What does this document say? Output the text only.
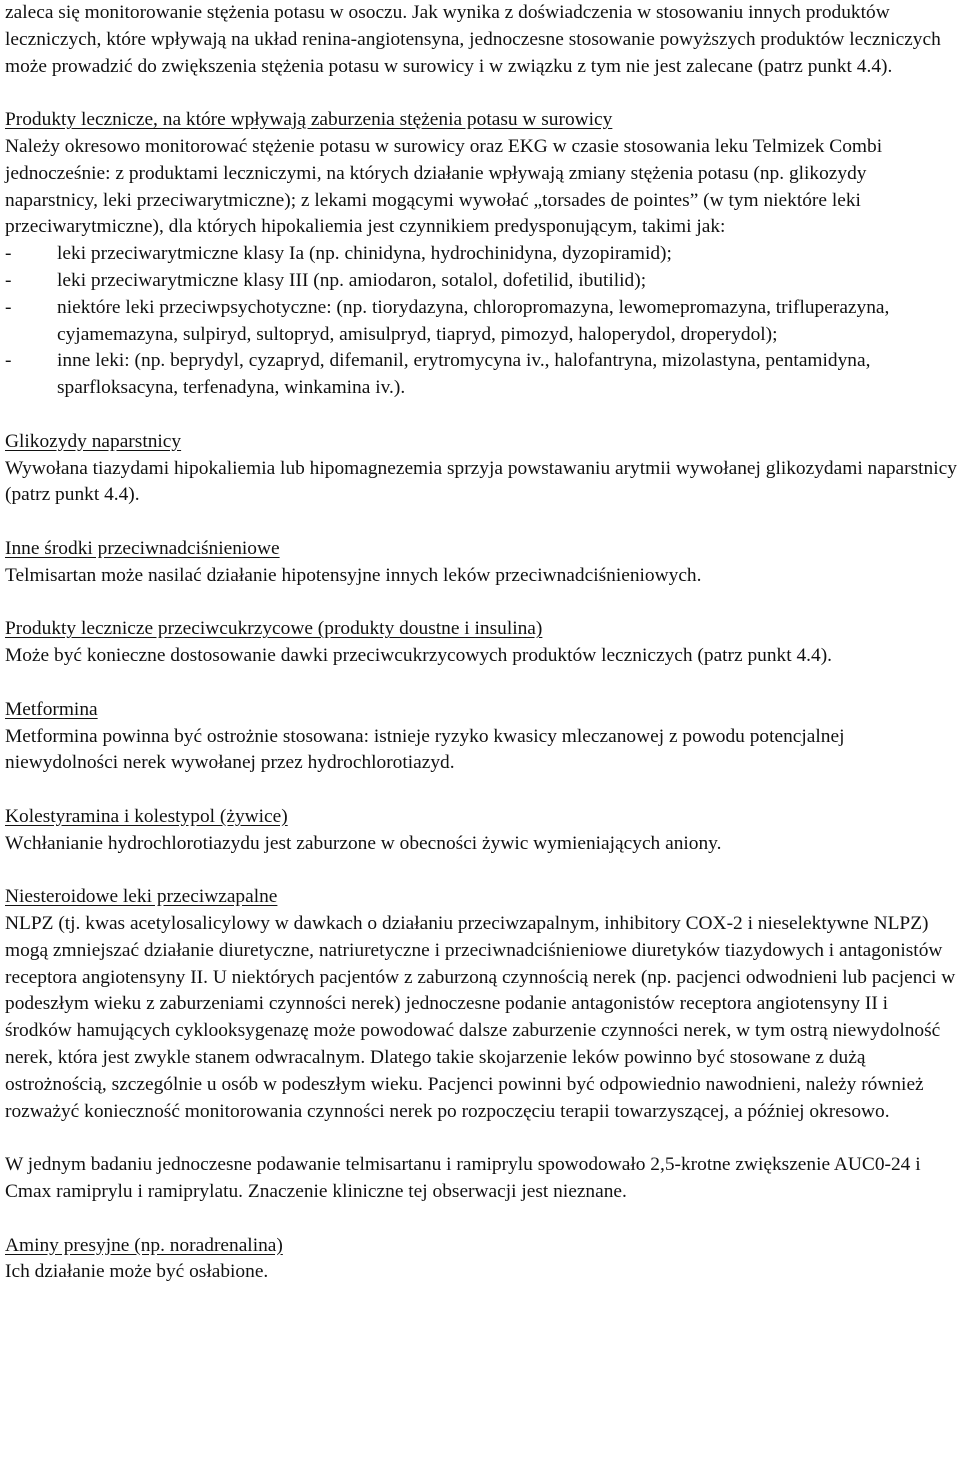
zaleca się monitorowanie stężenia potasu w osoczu. Jak wynika z doświadczenia w stosowaniu innych produktów leczniczych, które wpływają na układ renina-angiotensyna, jednoczesne stosowanie powyższych produktów leczniczych może prowadzić do zwiększenia stężenia potasu w surowicy i w związku z tym nie jest zalecane (patrz punkt 4.4).

Produkty lecznicze, na które wpływają zaburzenia stężenia potasu w surowicy

Należy okresowo monitorować stężenie potasu w surowicy oraz EKG w czasie stosowania leku Telmizek Combi jednocześnie: z produktami leczniczymi, na których działanie wpływają zmiany stężenia potasu (np. glikozydy naparstnicy, leki przeciwarytmiczne); z lekami mogącymi wywołać „torsades de pointes” (w tym niektóre leki przeciwarytmiczne), dla których hipokaliemia jest czynnikiem predysponującym, takimi jak:

-	leki przeciwarytmiczne klasy Ia (np. chinidyna, hydrochinidyna, dyzopiramid);
-	leki przeciwarytmiczne klasy III (np. amiodaron, sotalol, dofetilid, ibutilid);
-	niektóre leki przeciwpsychotyczne: (np. tiorydazyna, chloropromazyna, lewomepromazyna, trifluperazyna, cyjamemazyna, sulpiryd, sultopryd, amisulpryd, tiapryd, pimozyd, haloperydol, droperydol);
-	inne leki: (np. beprydyl, cyzapryd, difemanil, erytromycyna iv., halofantryna, mizolastyna, pentamidyna, sparfloksacyna, terfenadyna, winkamina iv.).

Glikozydy naparstnicy

Wywołana tiazydami hipokaliemia lub hipomagnezemia sprzyja powstawaniu arytmii wywołanej glikozydami naparstnicy (patrz punkt 4.4).

Inne środki przeciwnadciśnieniowe

Telmisartan może nasilać działanie hipotensyjne innych leków przeciwnadciśnieniowych.

Produkty lecznicze przeciwcukrzycowe (produkty doustne i insulina)

Może być konieczne dostosowanie dawki przeciwcukrzycowych produktów leczniczych (patrz punkt 4.4).

Metformina

Metformina powinna być ostrożnie stosowana: istnieje ryzyko kwasicy mleczanowej z powodu potencjalnej niewydolności nerek wywołanej przez hydrochlorotiazyd.

Kolestyramina i kolestypol (żywice)

Wchłanianie hydrochlorotiazydu jest zaburzone w obecności żywic wymieniających aniony.

Niesteroidowe leki przeciwzapalne

NLPZ (tj. kwas acetylosalicylowy w dawkach o działaniu przeciwzapalnym, inhibitory COX-2 i nieselektywne NLPZ) mogą zmniejszać działanie diuretyczne, natriuretyczne i przeciwnadciśnieniowe diuretyków tiazydowych i antagonistów receptora angiotensyny II. U niektórych pacjentów z zaburzoną czynnością nerek (np. pacjenci odwodnieni lub pacjenci w podeszłym wieku z zaburzeniami czynności nerek) jednoczesne podanie antagonistów receptora angiotensyny II i środków hamujących cyklooksygenazę może powodować dalsze zaburzenie czynności nerek, w tym ostrą niewydolność nerek, która jest zwykle stanem odwracalnym. Dlatego takie skojarzenie leków powinno być stosowane z dużą ostrożnością, szczególnie u osób w podeszłym wieku. Pacjenci powinni być odpowiednio nawodnieni, należy również rozważyć konieczność monitorowania czynności nerek po rozpoczęciu terapii towarzyszącej, a później okresowo.

W jednym badaniu jednoczesne podawanie telmisartanu i ramiprylu spowodowało 2,5-krotne zwiększenie AUC0-24 i Cmax ramiprylu i ramiprylatu. Znaczenie kliniczne tej obserwacji jest nieznane.

Aminy presyjne (np. noradrenalina)

Ich działanie może być osłabione.
